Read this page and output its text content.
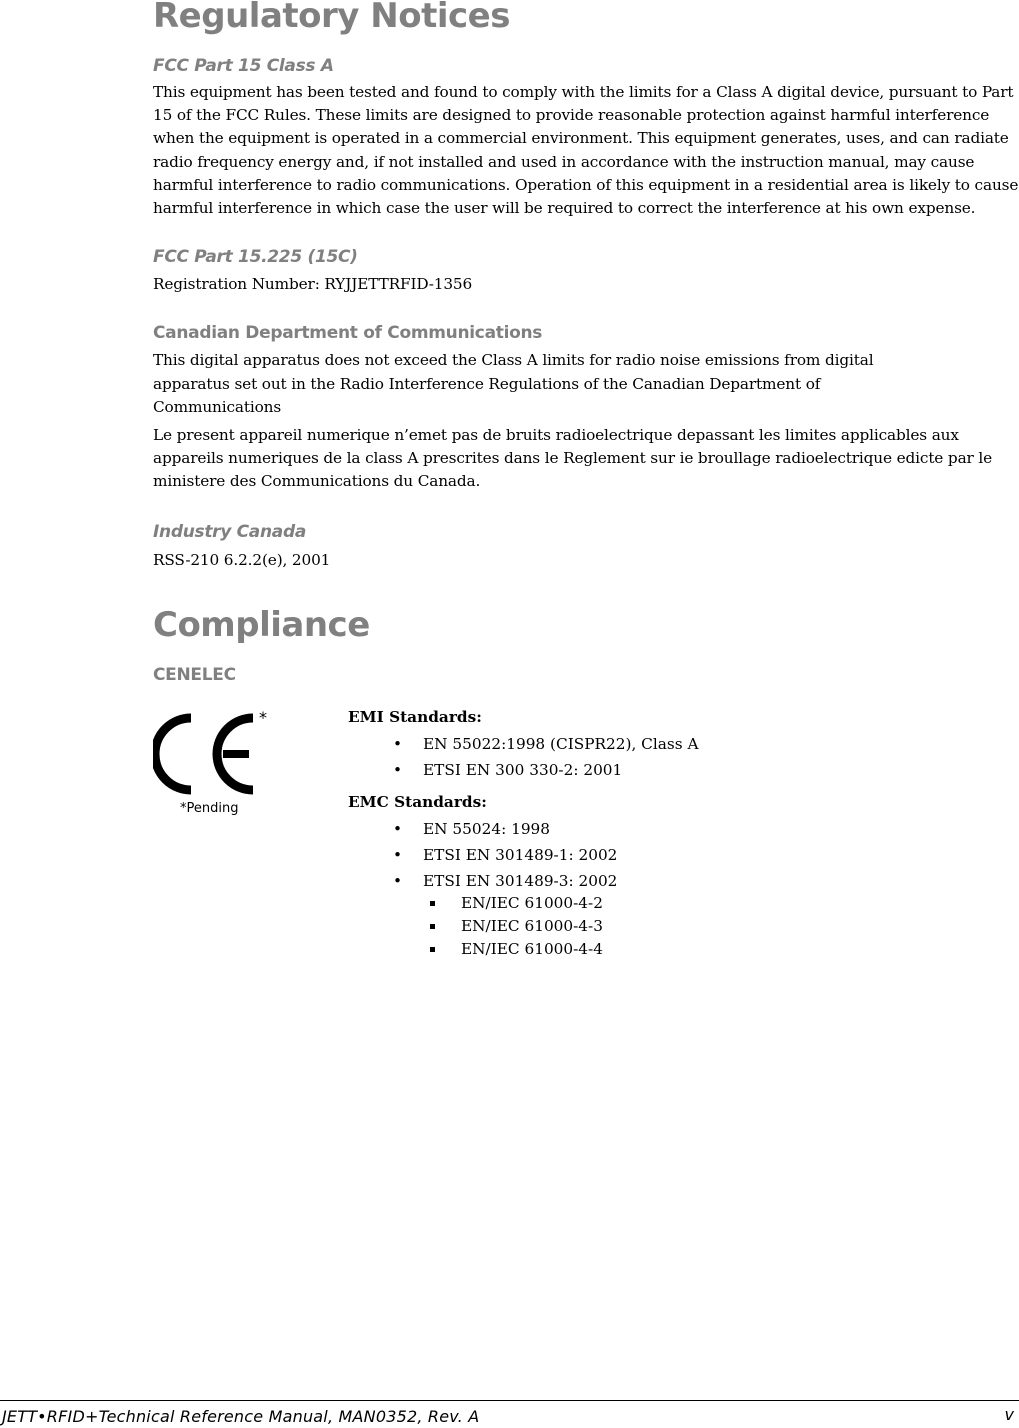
Regulatory Notices
FCC Part 15 Class A

This equipment has been tested and found to comply with the limits for a Class A digital device, pursuant to Part 15 of the FCC Rules. These limits are designed to provide reasonable protection against harmful interference when the equipment is operated in a commercial environment. This equipment generates, uses, and can radiate radio frequency energy and, if not installed and used in accordance with the instruction manual, may cause harmful interference to radio communications. Operation of this equipment in a residential area is likely to cause harmful interference in which case the user will be required to correct the interference at his own expense.

FCC Part 15.225 (15C)

Registration Number: RYJJETTRFID-1356

Canadian Department of Communications

This digital apparatus does not exceed the Class A limits for radio noise emissions from digital apparatus set out in the Radio Interference Regulations of the Canadian Department of Communications

Le present appareil numerique n’emet pas de bruits radioelectrique depassant les limites applicables aux appareils numeriques de la class A prescrites dans le Reglement sur ie broullage radioelectrique edicte par le ministere des Communications du Canada.

Industry Canada

RSS-210 6.2.2(e), 2001

Compliance
CENELEC
*
*Pending
EMI Standards:
• EN 55022:1998 (CISPR22), Class A
• ETSI EN 300 330-2: 2001
EMC Standards:
• EN 55024: 1998
• ETSI EN 301489-1: 2002
• ETSI EN 301489-3: 2002
EN/IEC 61000-4-2
EN/IEC 61000-4-3
EN/IEC 61000-4-4
JETT•RFID+Technical Reference Manual, MAN0352, Rev. A	v
